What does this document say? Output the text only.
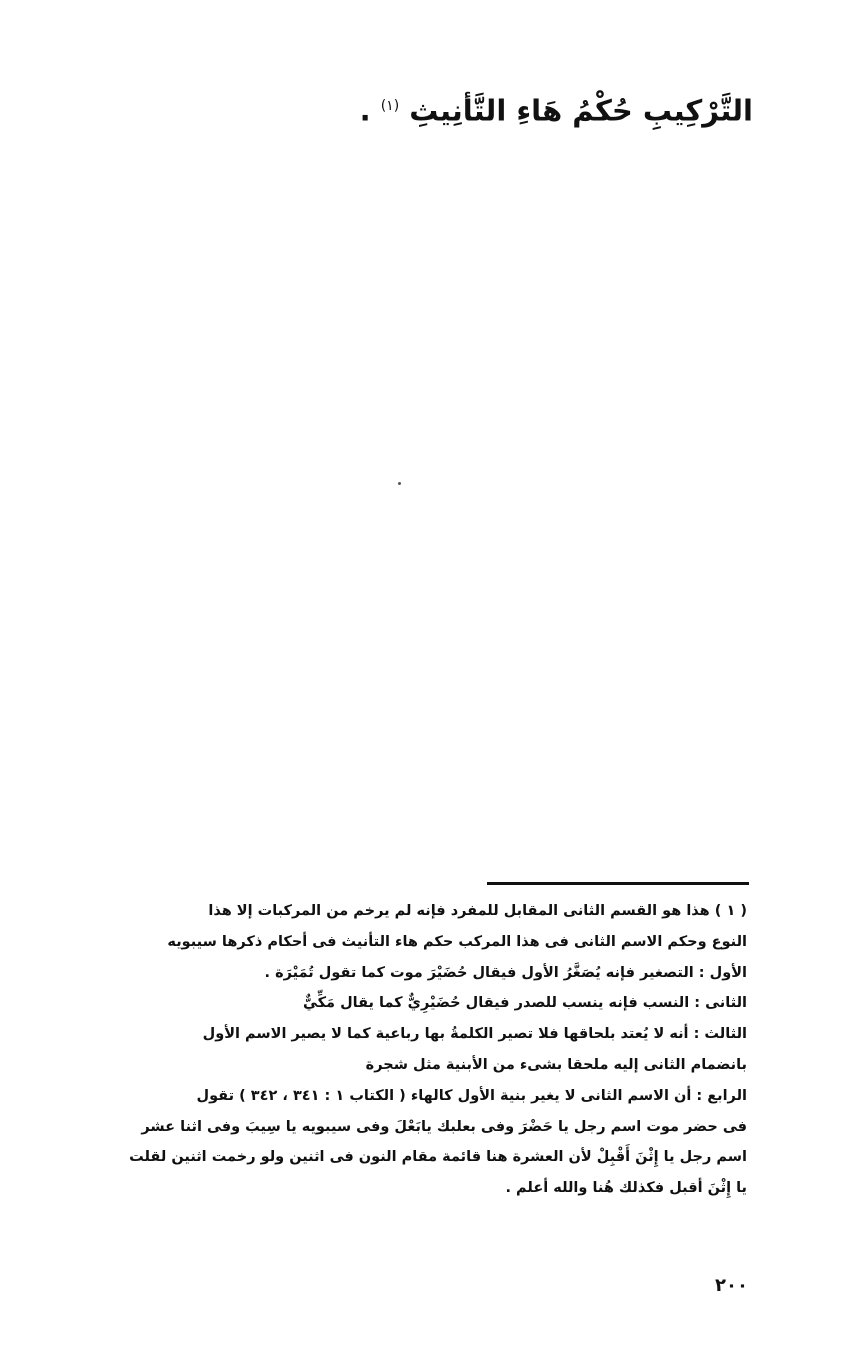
التَّرْكِيبِ حُكْمُ هَاءِ التَّأنِيثِ $^{(١)}$ .
( ١ ) هذا هو القسم الثانى المقابل للمفرد فإنه لم يرخم من المركبات إلا هذا
النوع وحكم الاسم الثانى فى هذا المركب حكم هاء التأنيث فى أحكام ذكرها سيبويه
الأول : التصغير فإنه يُصَغَّرُ الأول فيقال حُضَيْرَ موت كما تقول تُمَيْرَة .
الثانى : النسب فإنه ينسب للصدر فيقال حُضَيْرِيٌّ كما يقال مَكِّيٌّ
الثالث : أنه لا يُعتد بلحاقها فلا تصير الكلمةُ بها رباعية كما لا يصير الاسم الأول
بانضمام الثانى إليه ملحقا بشىء من الأبنية مثل شجرة
الرابع : أن الاسم الثانى لا يغير بنية الأول كالهاء ( الكتاب ١ : ٣٤١ ، ٣٤٢ ) تقول
فى حضر موت اسم رجل يا حَضْرَ وفى بعلبك يابَعْلَ وفى سيبويه يا سِيبَ وفى اثنا عشر
اسم رجل يا إِثْنَ أَقْبِلْ لأن العشرة هنا قائمة مقام النون فى اثنين ولو رخمت اثنين لقلت
يا إِثْنَ أقبل فكذلك هُنا والله أعلم .
٢٠٠
